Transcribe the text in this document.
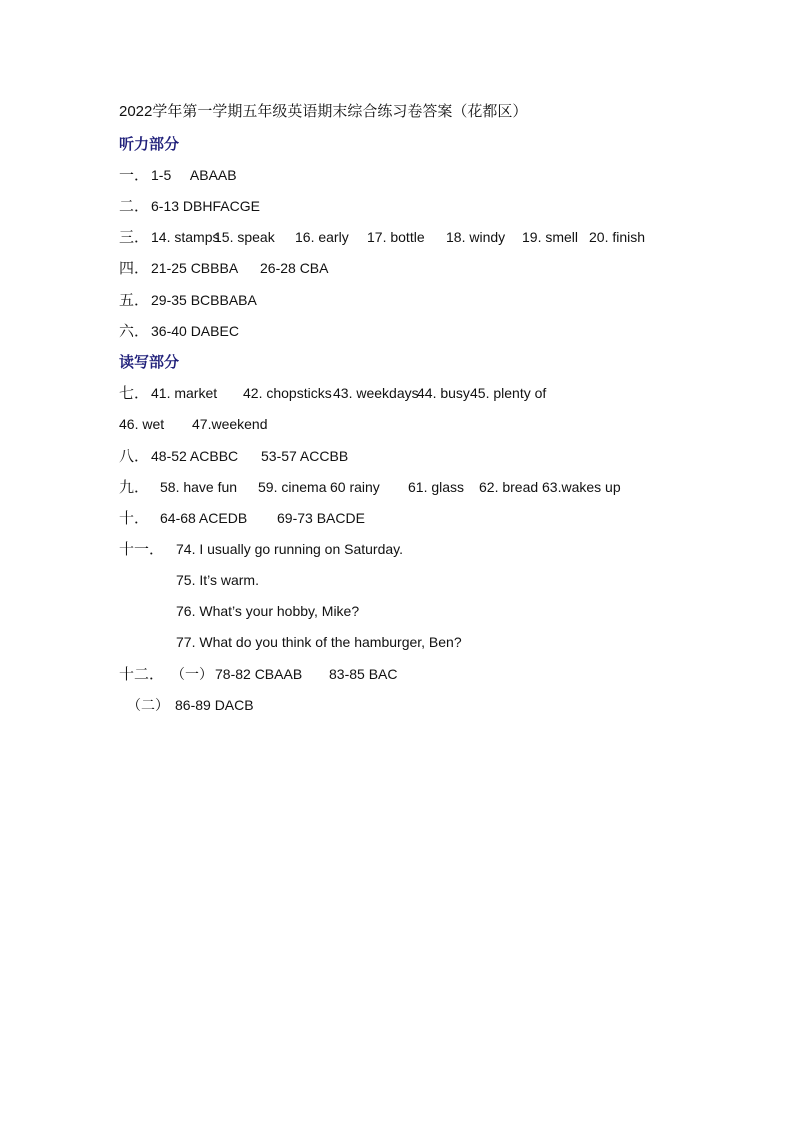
2022学年第一学期五年级英语期末综合练习卷答案（花都区）
听力部分
一． 1-5     ABAAB
二． 6-13 DBHFACGE
三． 14. stamps15. speak 16. early 17. bottle 18. windy 19. smell 20. finish
四． 21-25 CBBBA 26-28 CBA
五． 29-35 BCBBABA
六． 36-40 DABEC
读写部分
七． 41. market 42. chopsticks43. weekdays44. busy45. plenty of
46. wet 47.weekend
八． 48-52 ACBBC 53-57 ACCBB
九． 58. have fun 59. cinema 60 rainy 61. glass 62. bread 63.wakes up
十． 64-68 ACEDB 69-73 BACDE
十一． 74. I usually go running on Saturday.
75. It’s warm.
76. What’s your hobby, Mike?
77. What do you think of the hamburger, Ben?
十二． （一） 78-82 CBAAB 83-85 BAC
（二） 86-89 DACB
